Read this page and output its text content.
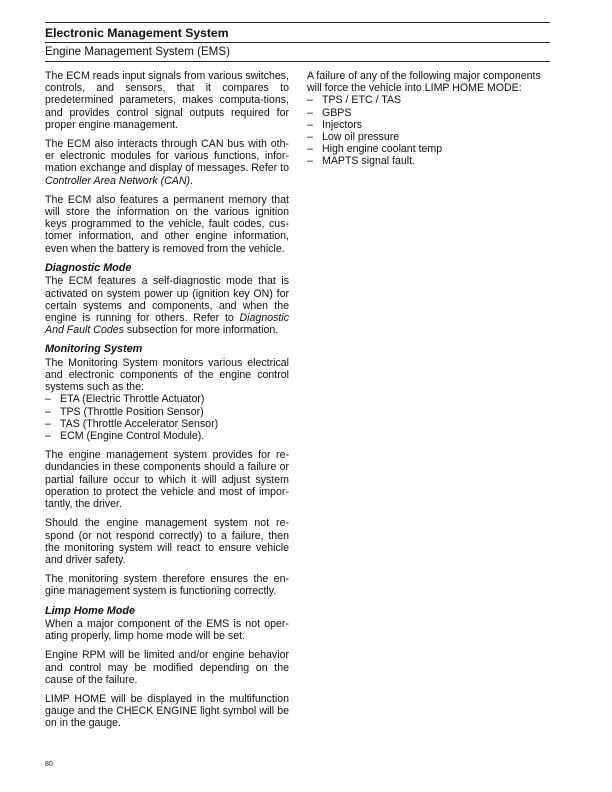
Electronic Management System
Engine Management System (EMS)

The ECM reads input signals from various switches, controls, and sensors, that it compares to predetermined parameters, makes computa-tions, and provides control signal outputs required for proper engine management.

The ECM also interacts through CAN bus with oth-er electronic modules for various functions, infor-mation exchange and display of messages. Refer to Controller Area Network (CAN).

The ECM also features a permanent memory that will store the information on the various ignition keys programmed to the vehicle, fault codes, cus-tomer information, and other engine information, even when the battery is removed from the vehicle.

Diagnostic Mode

The ECM features a self-diagnostic mode that is activated on system power up (ignition key ON) for certain systems and components, and when the engine is running for others. Refer to Diagnostic And Fault Codes subsection for more information.

Monitoring System

The Monitoring System monitors various electrical and electronic components of the engine control systems such as the:

– ETA (Electric Throttle Actuator)
– TPS (Throttle Position Sensor)
– TAS (Throttle Accelerator Sensor)
– ECM (Engine Control Module).

The engine management system provides for re-dundancies in these components should a failure or partial failure occur to which it will adjust system operation to protect the vehicle and most of impor-tantly, the driver.

Should the engine management system not re-spond (or not respond correctly) to a failure, then the monitoring system will react to ensure vehicle and driver safety.

The monitoring system therefore ensures the en-gine management system is functioning correctly.

Limp Home Mode

When a major component of the EMS is not oper-ating properly, limp home mode will be set.

Engine RPM will be limited and/or engine behavior and control may be modified depending on the cause of the failure.

LIMP HOME will be displayed in the multifunction gauge and the CHECK ENGINE light symbol will be on in the gauge.

A failure of any of the following major components will force the vehicle into LIMP HOME MODE:

– TPS / ETC / TAS
– GBPS
– Injectors
– Low oil pressure
– High engine coolant temp
– MAPTS signal fault.
80
